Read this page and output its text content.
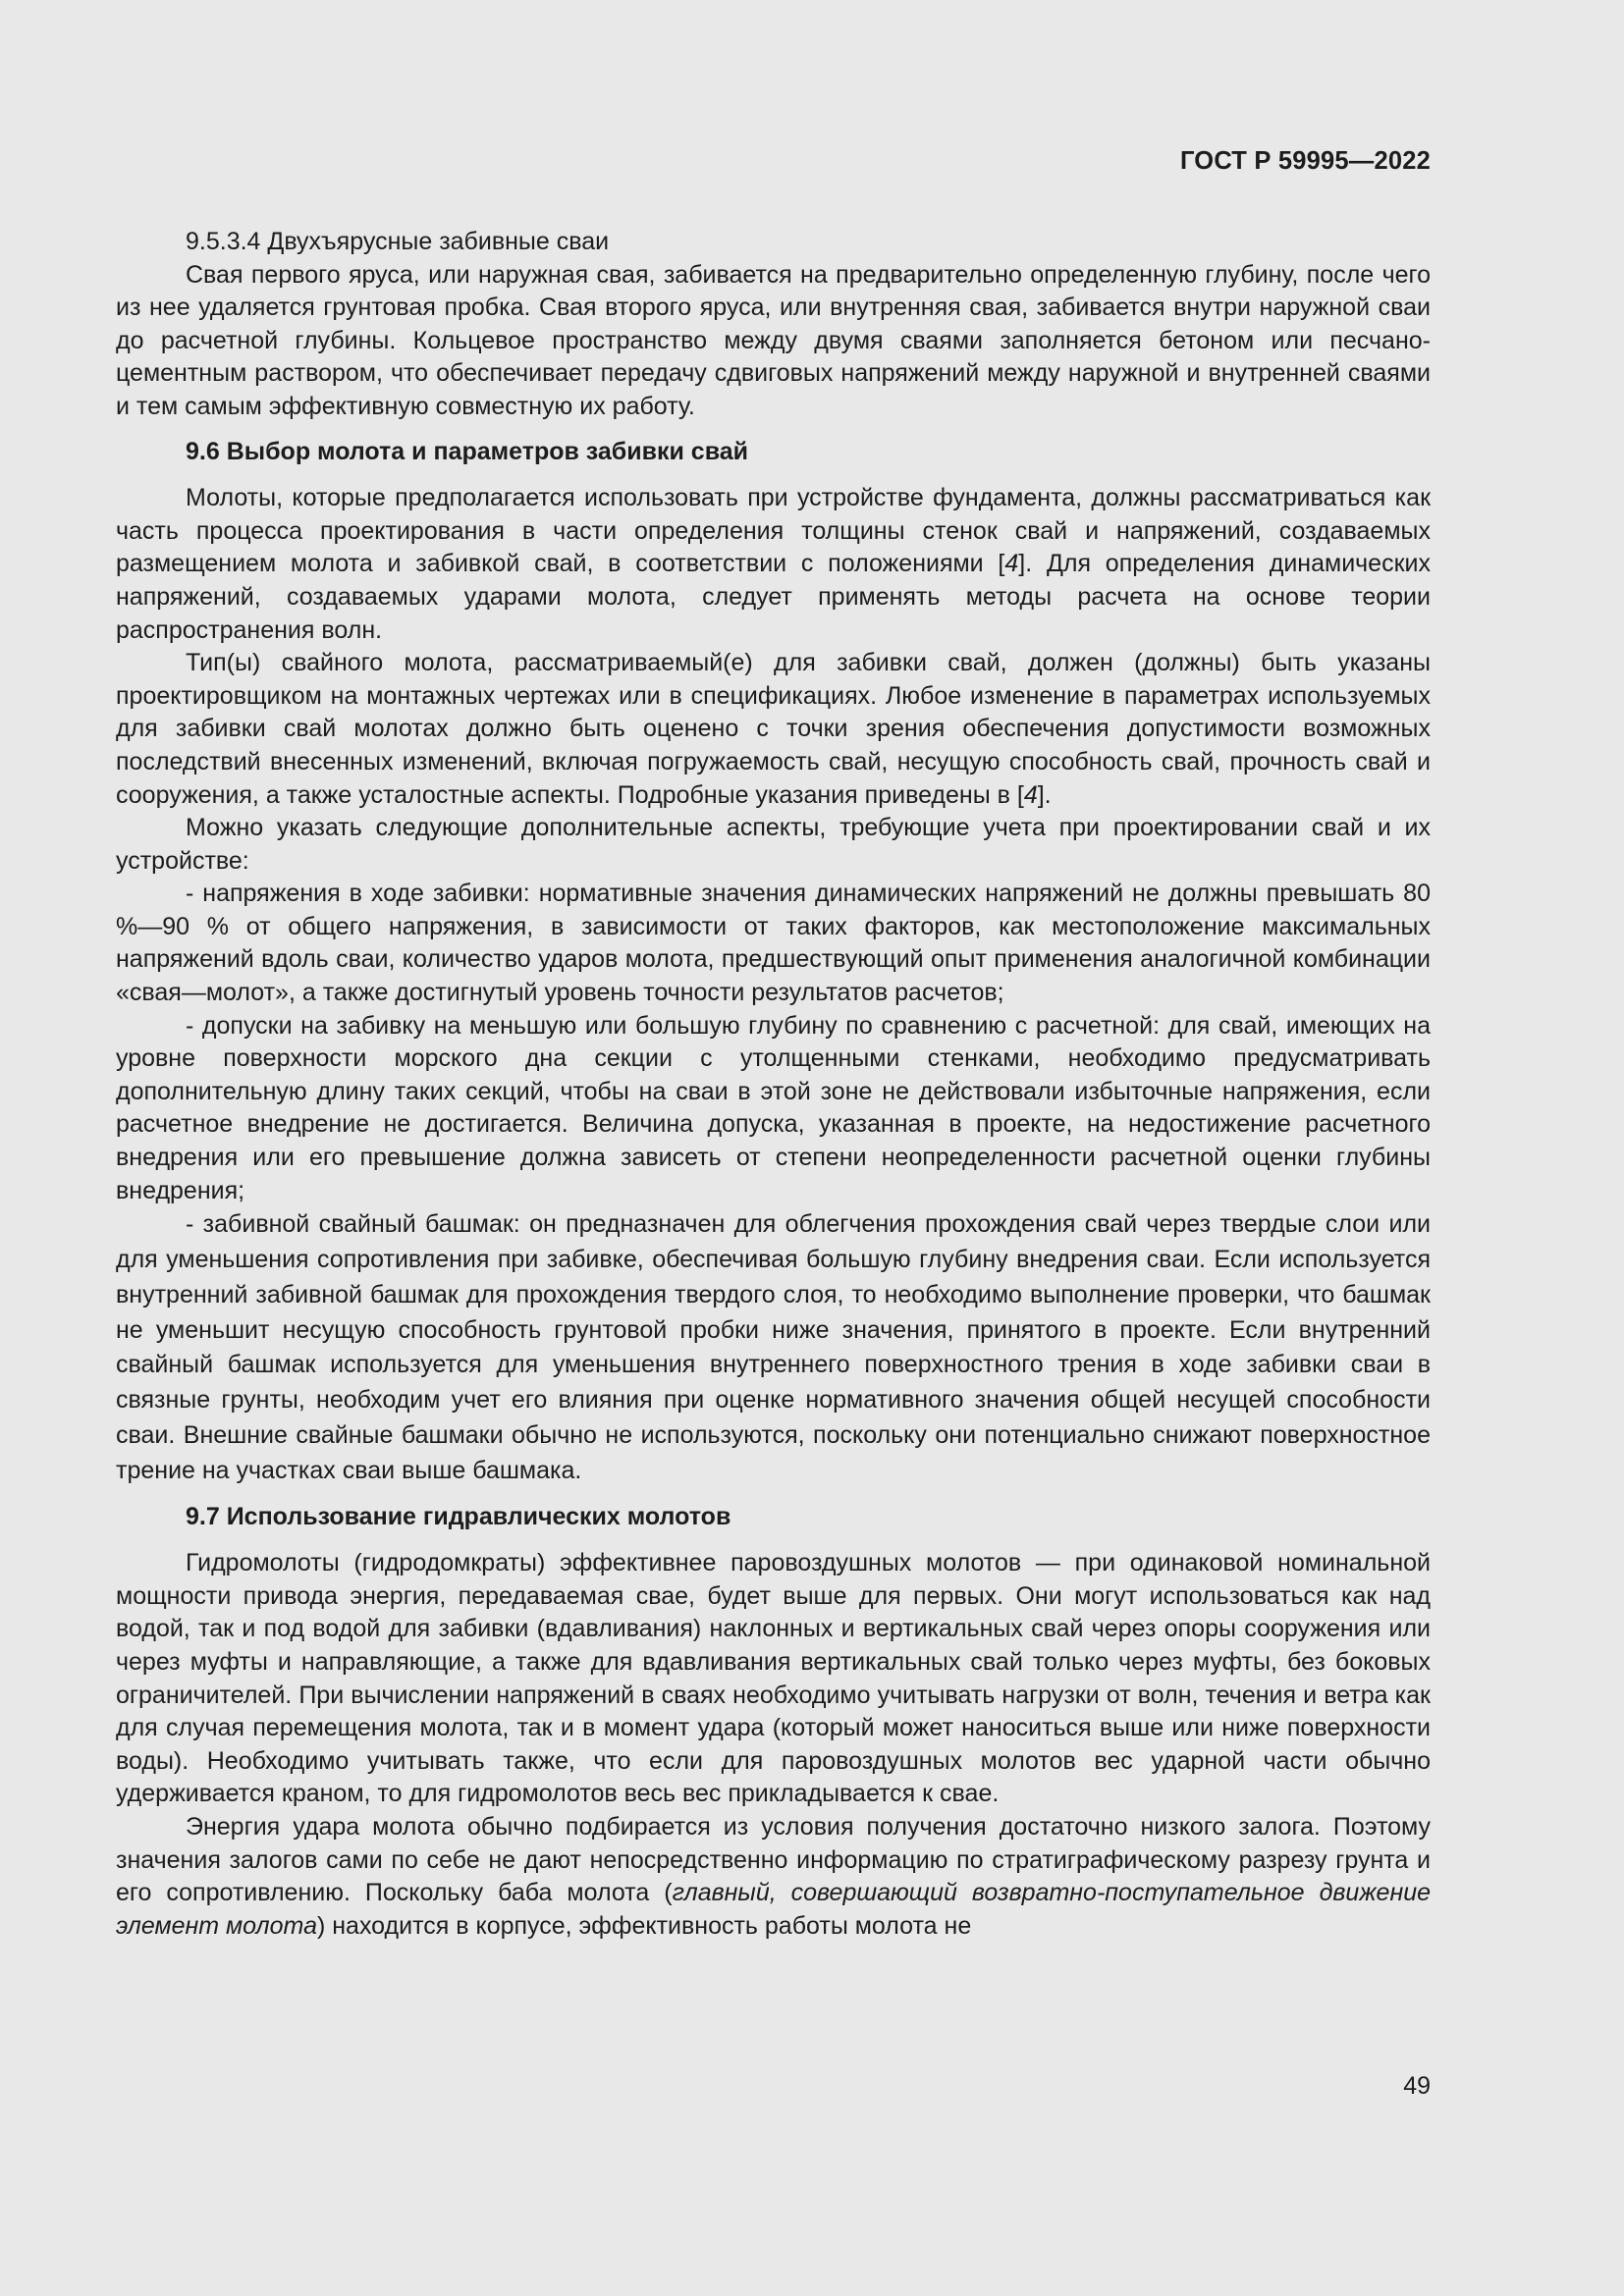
ГОСТ Р 59995—2022

9.5.3.4 Двухъярусные забивные сваи

Свая первого яруса, или наружная свая, забивается на предварительно определенную глубину, после чего из нее удаляется грунтовая пробка. Свая второго яруса, или внутренняя свая, забивается внутри наружной сваи до расчетной глубины. Кольцевое пространство между двумя сваями заполняется бетоном или песчано-цементным раствором, что обеспечивает передачу сдвиговых напряжений между наружной и внутренней сваями и тем самым эффективную совместную их работу.

9.6 Выбор молота и параметров забивки свай

Молоты, которые предполагается использовать при устройстве фундамента, должны рассматриваться как часть процесса проектирования в части определения толщины стенок свай и напряжений, создаваемых размещением молота и забивкой свай, в соответствии с положениями [4]. Для определения динамических напряжений, создаваемых ударами молота, следует применять методы расчета на основе теории распространения волн.

Тип(ы) свайного молота, рассматриваемый(е) для забивки свай, должен (должны) быть указаны проектировщиком на монтажных чертежах или в спецификациях. Любое изменение в параметрах используемых для забивки свай молотах должно быть оценено с точки зрения обеспечения допустимости возможных последствий внесенных изменений, включая погружаемость свай, несущую способность свай, прочность свай и сооружения, а также усталостные аспекты. Подробные указания приведены в [4].

Можно указать следующие дополнительные аспекты, требующие учета при проектировании свай и их устройстве:

- напряжения в ходе забивки: нормативные значения динамических напряжений не должны превышать 80 %—90 % от общего напряжения, в зависимости от таких факторов, как местоположение максимальных напряжений вдоль сваи, количество ударов молота, предшествующий опыт применения аналогичной комбинации «свая—молот», а также достигнутый уровень точности результатов расчетов;

- допуски на забивку на меньшую или большую глубину по сравнению с расчетной: для свай, имеющих на уровне поверхности морского дна секции с утолщенными стенками, необходимо предусматривать дополнительную длину таких секций, чтобы на сваи в этой зоне не действовали избыточные напряжения, если расчетное внедрение не достигается. Величина допуска, указанная в проекте, на недостижение расчетного внедрения или его превышение должна зависеть от степени неопределенности расчетной оценки глубины внедрения;

- забивной свайный башмак: он предназначен для облегчения прохождения свай через твердые слои или для уменьшения сопротивления при забивке, обеспечивая большую глубину внедрения сваи. Если используется внутренний забивной башмак для прохождения твердого слоя, то необходимо выполнение проверки, что башмак не уменьшит несущую способность грунтовой пробки ниже значения, принятого в проекте. Если внутренний свайный башмак используется для уменьшения внутреннего поверхностного трения в ходе забивки сваи в связные грунты, необходим учет его влияния при оценке нормативного значения общей несущей способности сваи. Внешние свайные башмаки обычно не используются, поскольку они потенциально снижают поверхностное трение на участках сваи выше башмака.

9.7 Использование гидравлических молотов

Гидромолоты (гидродомкраты) эффективнее паровоздушных молотов — при одинаковой номинальной мощности привода энергия, передаваемая свае, будет выше для первых. Они могут использоваться как над водой, так и под водой для забивки (вдавливания) наклонных и вертикальных свай через опоры сооружения или через муфты и направляющие, а также для вдавливания вертикальных свай только через муфты, без боковых ограничителей. При вычислении напряжений в сваях необходимо учитывать нагрузки от волн, течения и ветра как для случая перемещения молота, так и в момент удара (который может наноситься выше или ниже поверхности воды). Необходимо учитывать также, что если для паровоздушных молотов вес ударной части обычно удерживается краном, то для гидромолотов весь вес прикладывается к свае.

Энергия удара молота обычно подбирается из условия получения достаточно низкого залога. Поэтому значения залогов сами по себе не дают непосредственно информацию по стратиграфическому разрезу грунта и его сопротивлению. Поскольку баба молота (главный, совершающий возвратно-поступательное движение элемент молота) находится в корпусе, эффективность работы молота не

49
